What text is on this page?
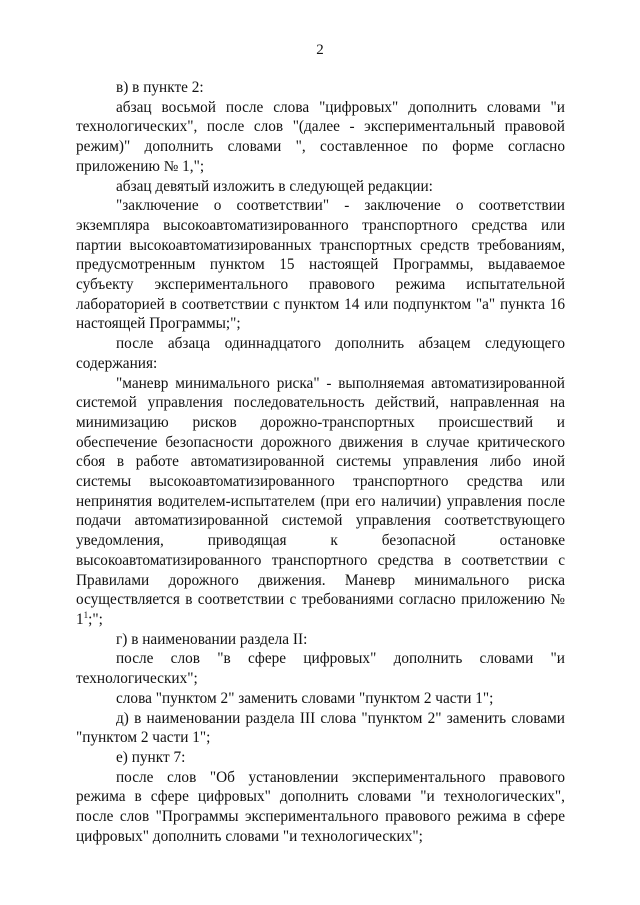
2

в) в пункте 2:

абзац восьмой после слова "цифровых" дополнить словами "и технологических", после слов "(далее - экспериментальный правовой режим)" дополнить словами ", составленное по форме согласно приложению № 1,";

абзац девятый изложить в следующей редакции:

"заключение о соответствии" - заключение о соответствии экземпляра высокоавтоматизированного транспортного средства или партии высокоавтоматизированных транспортных средств требованиям, предусмотренным пунктом 15 настоящей Программы, выдаваемое субъекту экспериментального правового режима испытательной лабораторией в соответствии с пунктом 14 или подпунктом "а" пункта 16 настоящей Программы;";

после абзаца одиннадцатого дополнить абзацем следующего содержания:

"маневр минимального риска" - выполняемая автоматизированной системой управления последовательность действий, направленная на минимизацию рисков дорожно-транспортных происшествий и обеспечение безопасности дорожного движения в случае критического сбоя в работе автоматизированной системы управления либо иной системы высокоавтоматизированного транспортного средства или непринятия водителем-испытателем (при его наличии) управления после подачи автоматизированной системой управления соответствующего уведомления, приводящая к безопасной остановке высокоавтоматизированного транспортного средства в соответствии с Правилами дорожного движения. Маневр минимального риска осуществляется в соответствии с требованиями согласно приложению № $1^1$;";

г) в наименовании раздела II:

после слов "в сфере цифровых" дополнить словами "и технологических";

слова "пунктом 2" заменить словами "пунктом 2 части 1";

д) в наименовании раздела III слова "пунктом 2" заменить словами "пунктом 2 части 1";

е) пункт 7:

после слов "Об установлении экспериментального правового режима в сфере цифровых" дополнить словами "и технологических", после слов "Программы экспериментального правового режима в сфере цифровых" дополнить словами "и технологических";
